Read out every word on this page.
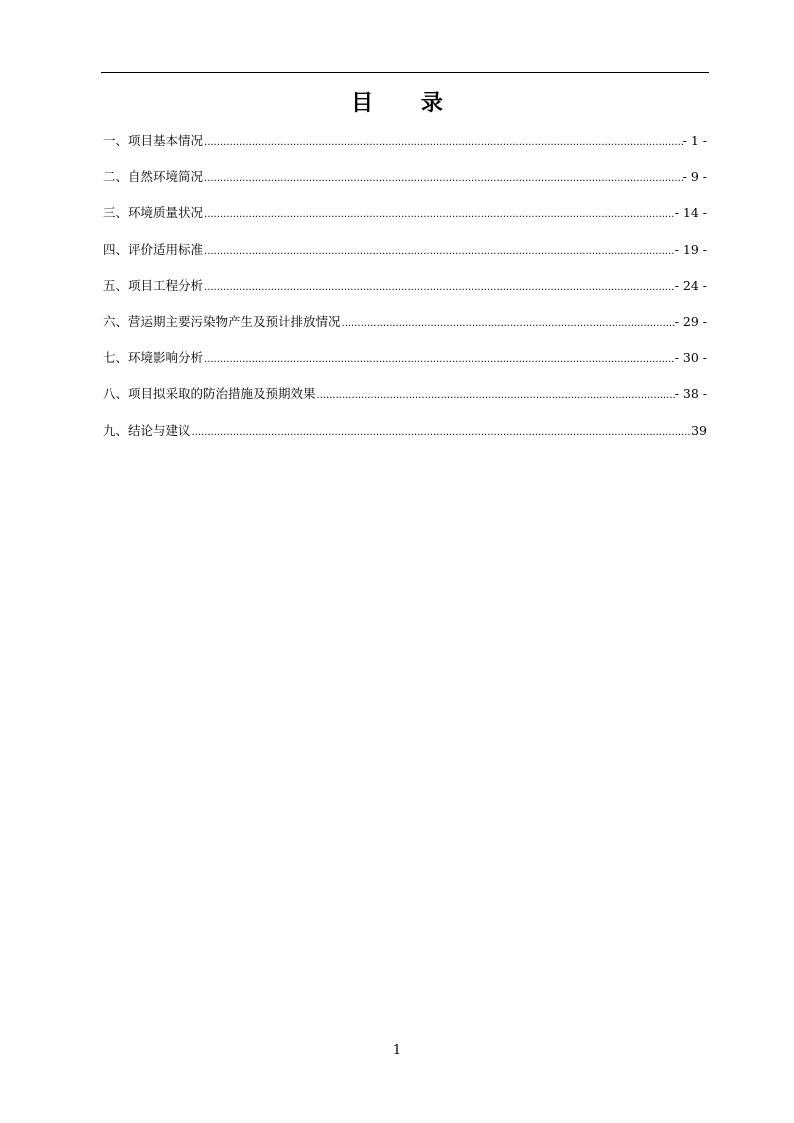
目 录
一、项目基本情况 .....	- 1 -
二、自然环境简况 .....	- 9 -
三、环境质量状况 .....	- 14 -
四、评价适用标准 .....	- 19 -
五、项目工程分析 .....	- 24 -
六、营运期主要污染物产生及预计排放情况 .....	- 29 -
七、环境影响分析 .....	- 30 -
八、项目拟采取的防治措施及预期效果 .....	- 38 -
九、结论与建议 .....	39
1
